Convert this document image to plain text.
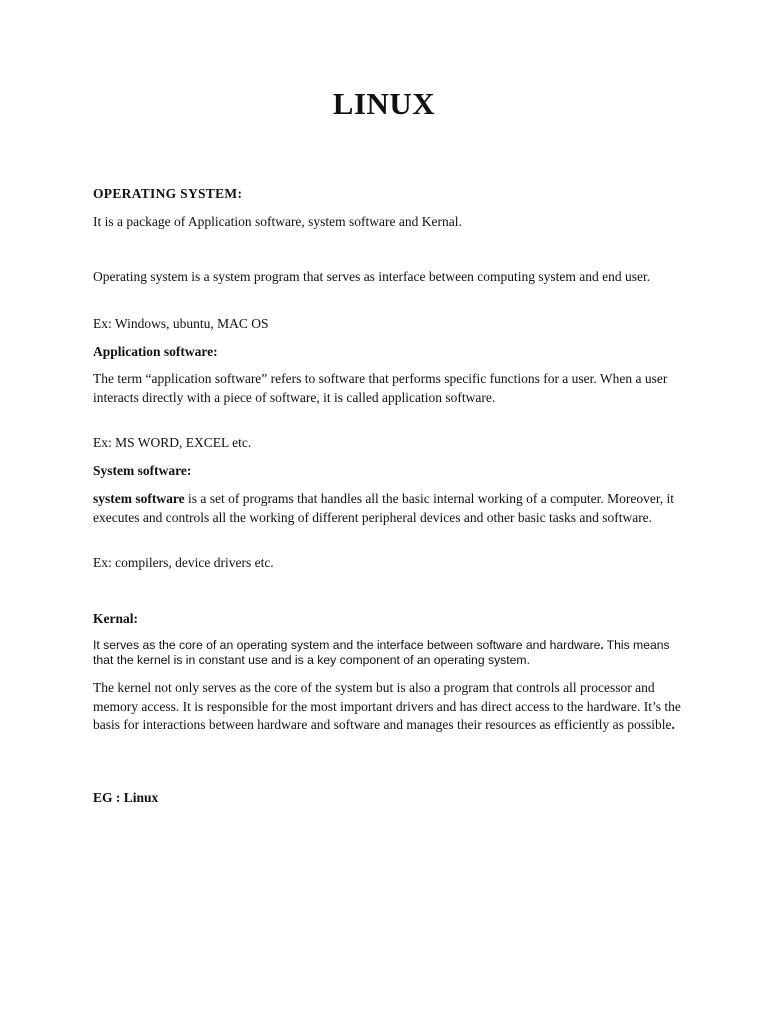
LINUX

OPERATING SYSTEM:

It is a package of Application software, system software and Kernal.

Operating system is a system program that serves as interface between computing system and end user.

Ex: Windows, ubuntu, MAC OS

Application software:

The term “application software” refers to software that performs specific functions for a user. When a user interacts directly with a piece of software, it is called application software.

Ex: MS WORD, EXCEL etc.

System software:

system software is a set of programs that handles all the basic internal working of a computer. Moreover, it executes and controls all the working of different peripheral devices and other basic tasks and software.

Ex: compilers, device drivers etc.

Kernal:

It serves as the core of an operating system and the interface between software and hardware. This means that the kernel is in constant use and is a key component of an operating system.

The kernel not only serves as the core of the system but is also a program that controls all processor and memory access. It is responsible for the most important drivers and has direct access to the hardware. It’s the basis for interactions between hardware and software and manages their resources as efficiently as possible.

EG : Linux
